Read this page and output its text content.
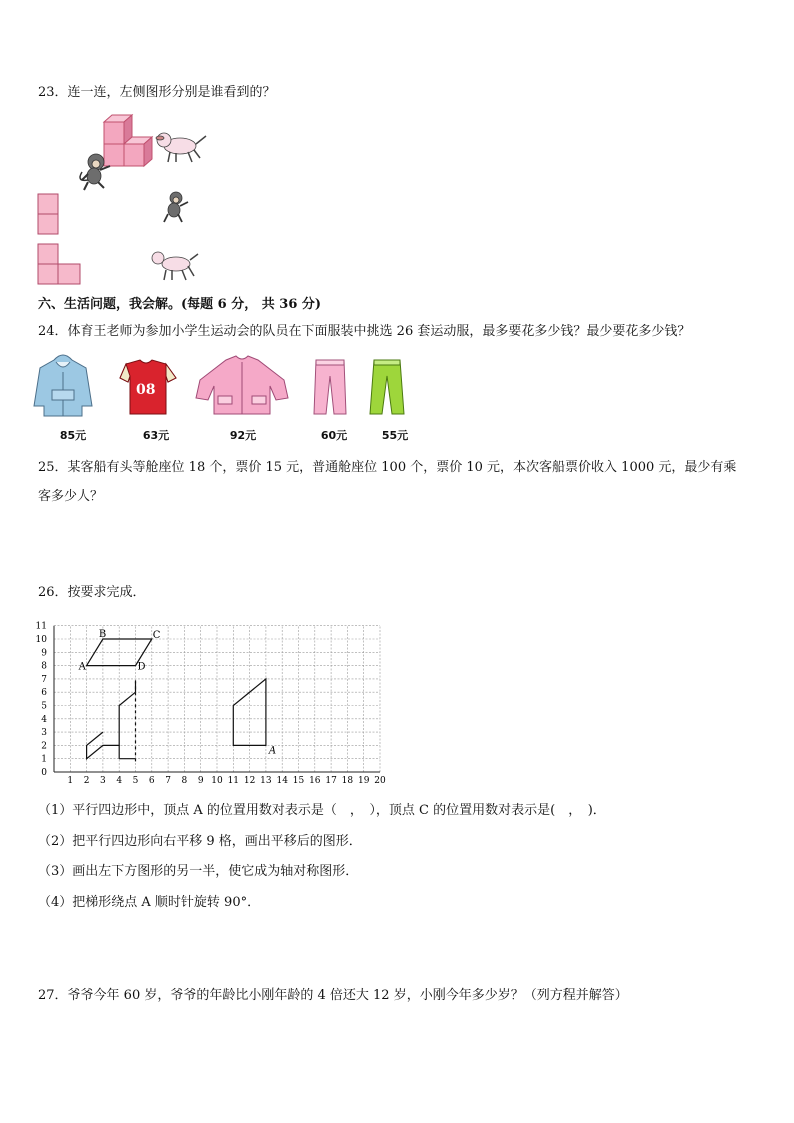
23．连一连，左侧图形分别是谁看到的？
六、生活问题，我会解。(每题 6 分， 共 36 分)
24．体育王老师为参加小学生运动会的队员在下面服装中挑选 26 套运动服，最多要花多少钱？最少要花多少钱？
08
85元	63元	92元	60元	55元
25．某客船有头等舱座位 18 个，票价 15 元，普通舱座位 100 个，票价 10 元，本次客船票价收入 1000 元，最少有乘
客多少人？
26．按要求完成．
1 2 3 4 5 6 7 8 9 10 11 12 13 14 15 16 17 18 19 20
0
1
2
3
4
5
6
7
8
9
10
11
A
B	C
D
A
（1）平行四边形中，顶点 A 的位置用数对表示是（　，　），顶点 C 的位置用数对表示是(　，　)．
（2）把平行四边形向右平移 9 格，画出平移后的图形．
（3）画出左下方图形的另一半，使它成为轴对称图形．
（4）把梯形绕点 A 顺时针旋转 90°．
27．爷爷今年 60 岁，爷爷的年龄比小刚年龄的 4 倍还大 12 岁，小刚今年多少岁？（列方程并解答）
